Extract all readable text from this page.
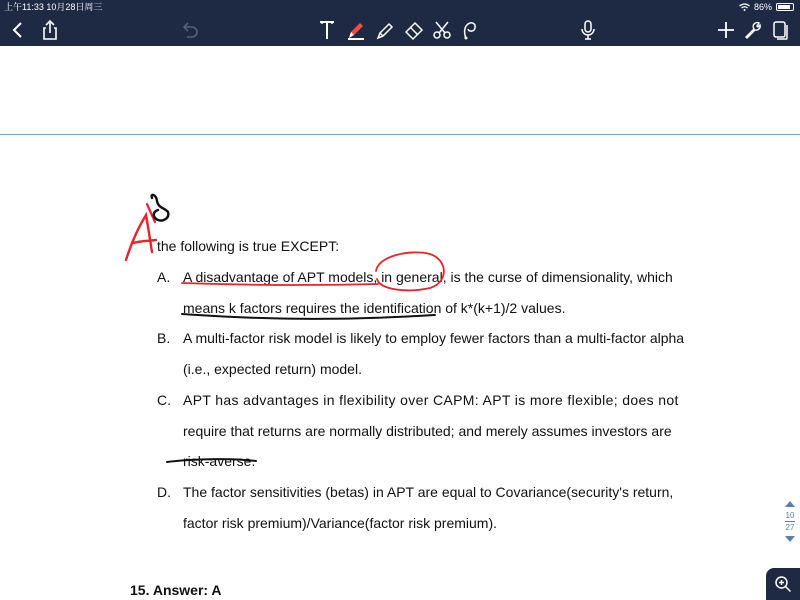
上午11:33 10月28日周三	86%
the following is true EXCEPT:
A. A disadvantage of APT models, in general, is the curse of dimensionality, which
means k factors requires the identification of k*(k+1)/2 values.
B. A multi-factor risk model is likely to employ fewer factors than a multi-factor alpha
(i.e., expected return) model.
C. APT has advantages in flexibility over CAPM: APT is more flexible; does not
require that returns are normally distributed; and merely assumes investors are
risk-averse.
D. The factor sensitivities (betas) in APT are equal to Covariance(security's return,
factor risk premium)/Variance(factor risk premium).
15. Answer: A
10
27
